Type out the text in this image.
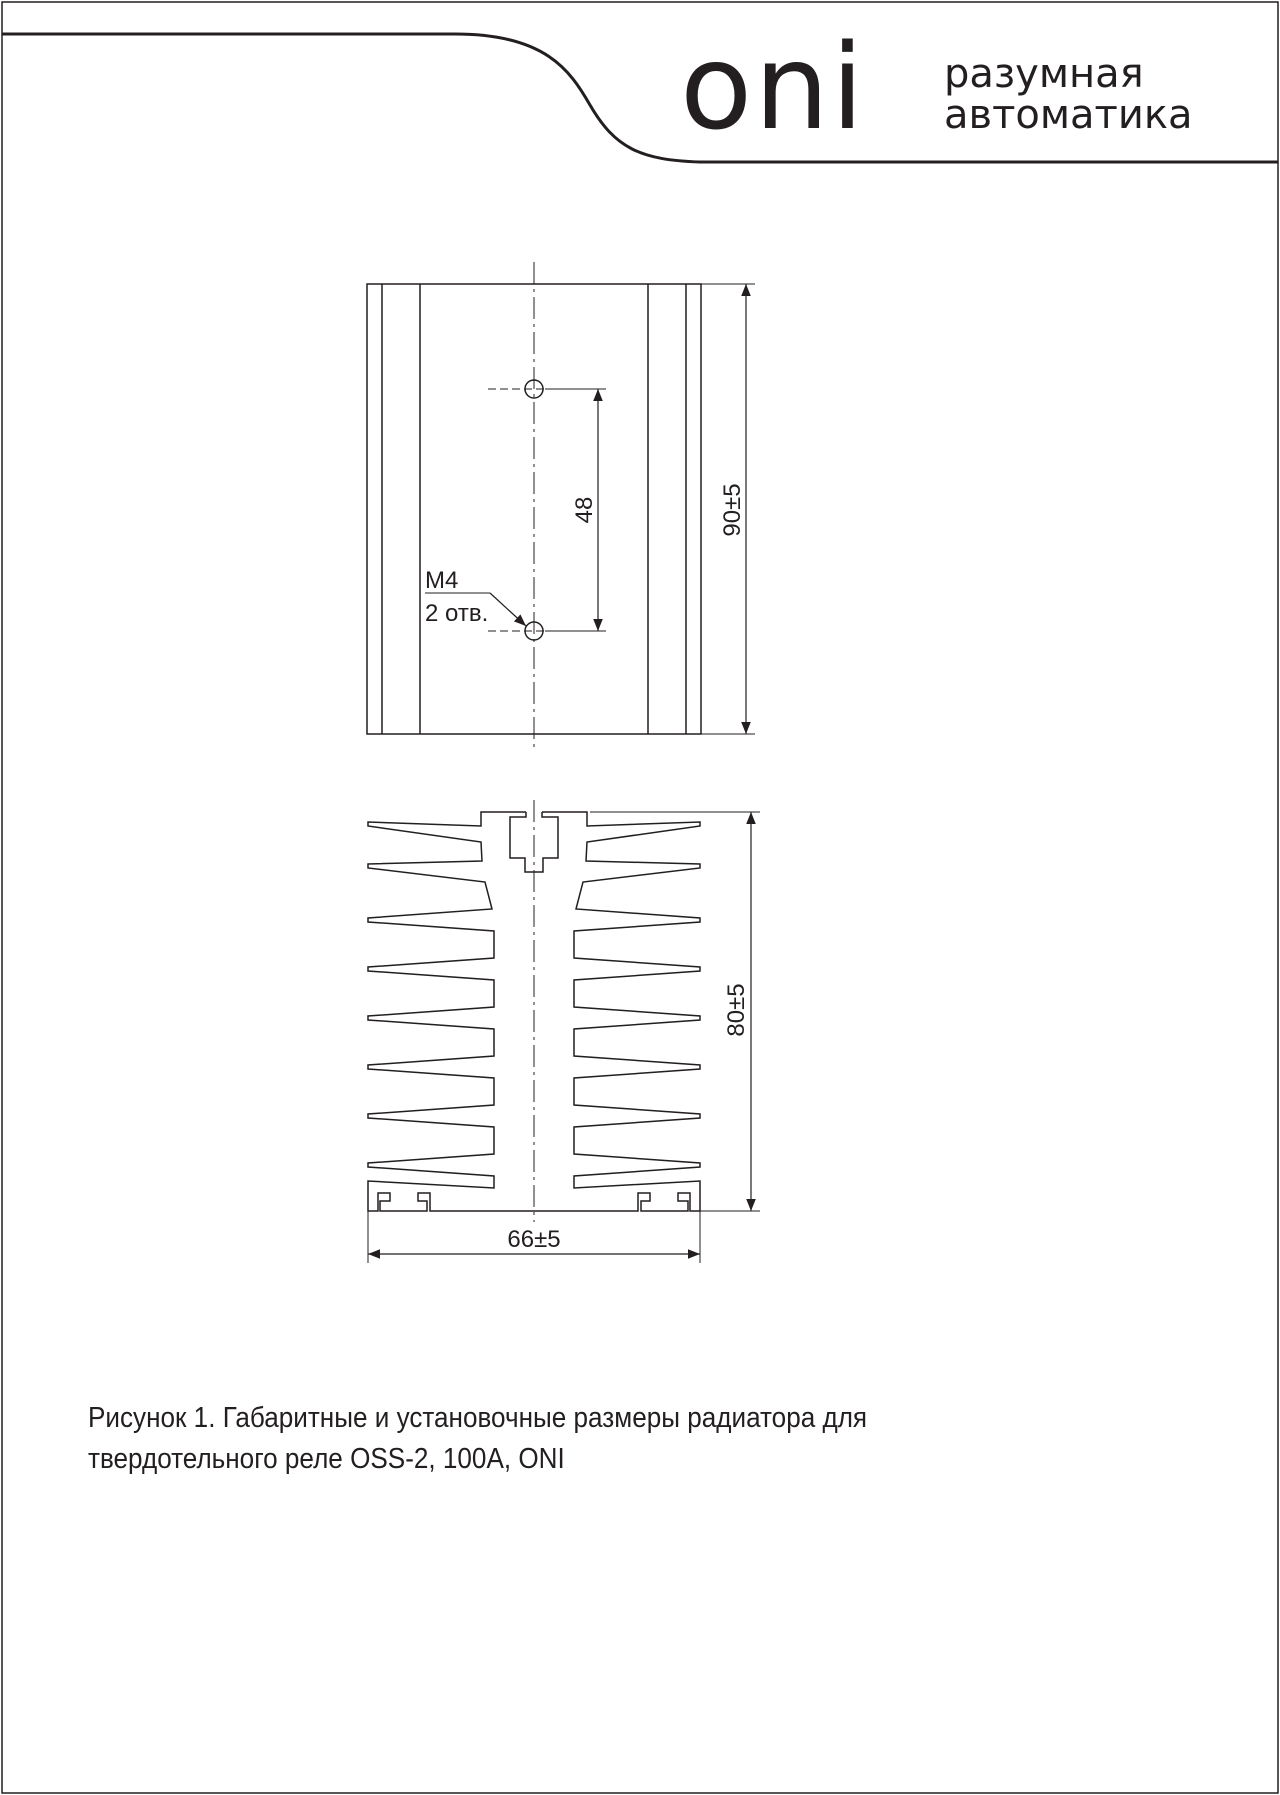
oni разумная
автоматика
48	90±5
M4
2 отв.
80±5
66±5
Рисунок 1. Габаритные и установочные размеры радиатора для
твердотельного реле OSS-2, 100A, ONI
